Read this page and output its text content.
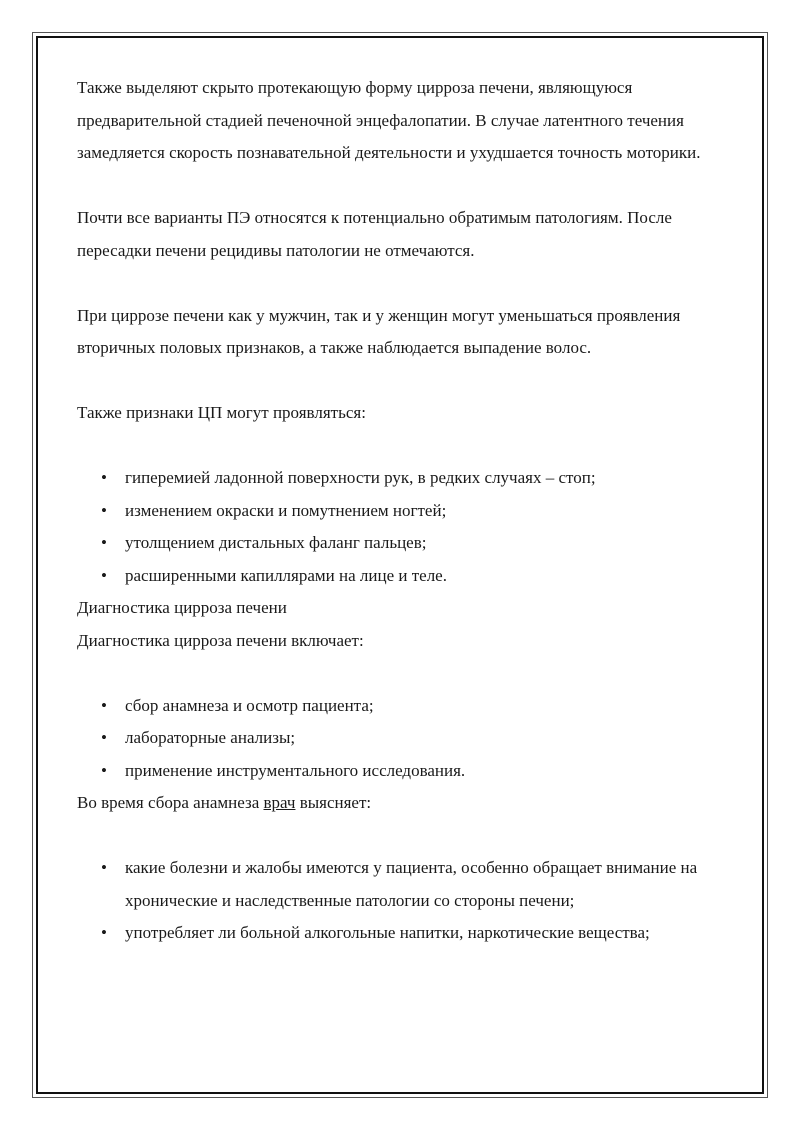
Также выделяют скрыто протекающую форму цирроза печени, являющуюся предварительной стадией печеночной энцефалопатии. В случае латентного течения замедляется скорость познавательной деятельности и ухудшается точность моторики.

Почти все варианты ПЭ относятся к потенциально обратимым патологиям. После пересадки печени рецидивы патологии не отмечаются.

При циррозе печени как у мужчин, так и у женщин могут уменьшаться проявления вторичных половых признаков, а также наблюдается выпадение волос.

Также признаки ЦП могут проявляться:

• гиперемией ладонной поверхности рук, в редких случаях – стоп;
• изменением окраски и помутнением ногтей;
• утолщением дистальных фаланг пальцев;
• расширенными капиллярами на лице и теле.

Диагностика цирроза печени

Диагностика цирроза печени включает:

• сбор анамнеза и осмотр пациента;
• лабораторные анализы;
• применение инструментального исследования.

Во время сбора анамнеза врач выясняет:

• какие болезни и жалобы имеются у пациента, особенно обращает внимание на хронические и наследственные патологии со стороны печени;
• употребляет ли больной алкогольные напитки, наркотические вещества;
